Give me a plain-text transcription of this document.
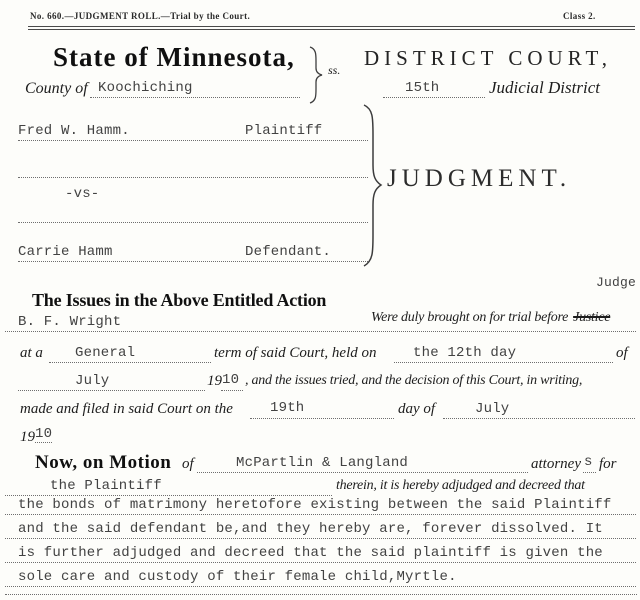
No. 660.—JUDGMENT ROLL.—Trial by the Court.	Class 2.
State of Minnesota,
County of Koochiching
ss. DISTRICT COURT,
15th	Judicial District
Fred W. Hamm.	Plaintiff
-vs-
Carrie Hamm	Defendant.
JUDGMENT.
Judge
The Issues in the Above Entitled Action

Were duly brought on for trial before Justice

B. F. Wright
at a General	term of said Court, held on	the 12th day	of
July	19 10 , and the issues tried, and the decision of this Court, in writing,
made and filed in said Court on the	19th	day of	July
19 10
Now, on Motion of	McPartlin & Langland	attorney s for
the Plaintiff	therein, it is hereby adjudged and decreed that
the bonds of matrimony heretofore existing between the said Plaintiff
and the said defendant be,and they hereby are, forever dissolved. It
is further adjudged and decreed that the said plaintiff is given the
sole care and custody of their female child,Myrtle.
